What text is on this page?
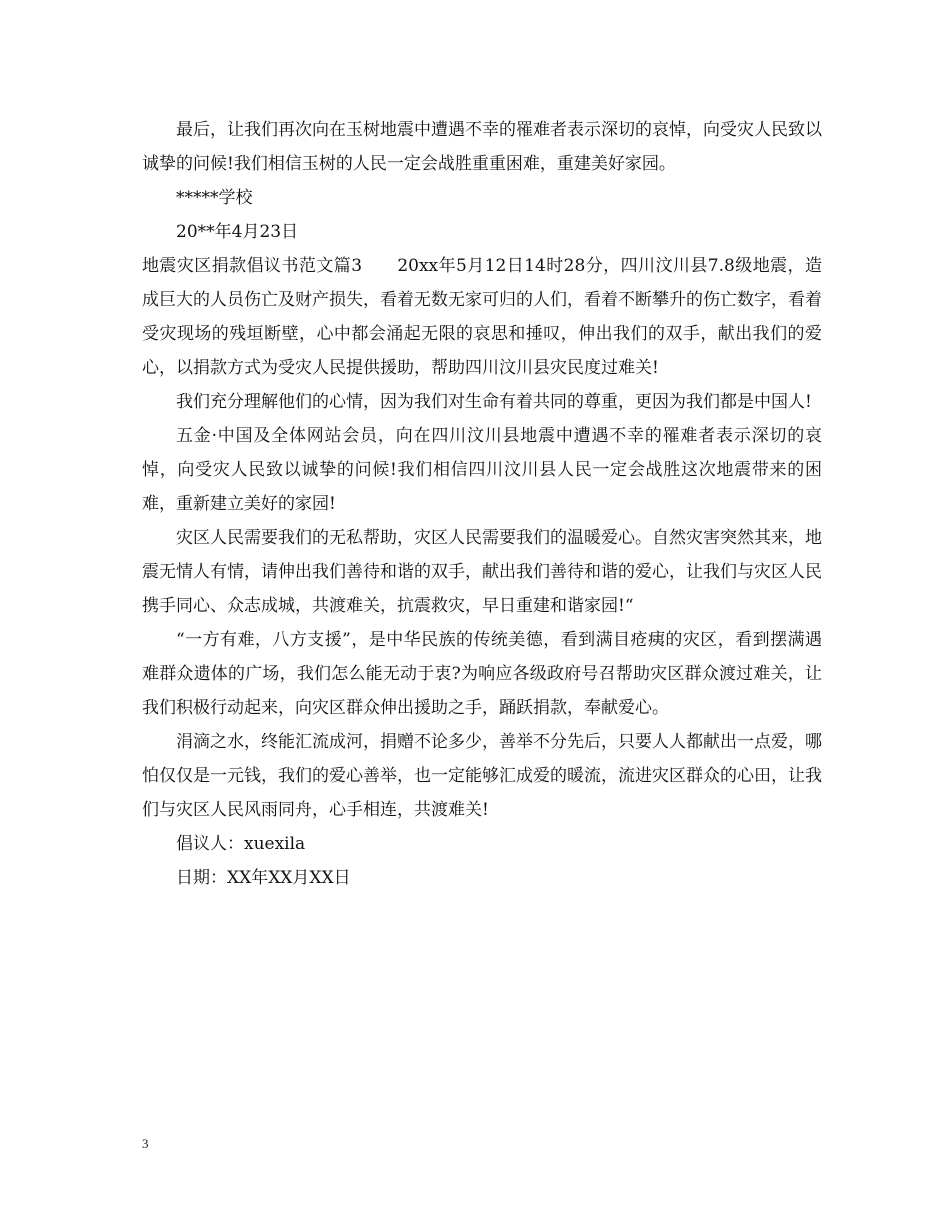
最后，让我们再次向在玉树地震中遭遇不幸的罹难者表示深切的哀悼，向受灾人民致以诚挚的问候!我们相信玉树的人民一定会战胜重重困难，重建美好家园。

*****学校

20**年4月23日

地震灾区捐款倡议书范文篇3　　20xx年5月12日14时28分，四川汶川县7.8级地震，造成巨大的人员伤亡及财产损失，看着无数无家可归的人们，看着不断攀升的伤亡数字，看着受灾现场的残垣断壁，心中都会涌起无限的哀思和捶叹，伸出我们的双手，献出我们的爱心，以捐款方式为受灾人民提供援助，帮助四川汶川县灾民度过难关!

我们充分理解他们的心情，因为我们对生命有着共同的尊重，更因为我们都是中国人!

五金·中国及全体网站会员，向在四川汶川县地震中遭遇不幸的罹难者表示深切的哀悼，向受灾人民致以诚挚的问候!我们相信四川汶川县人民一定会战胜这次地震带来的困难，重新建立美好的家园!

灾区人民需要我们的无私帮助，灾区人民需要我们的温暖爱心。自然灾害突然其来，地震无情人有情，请伸出我们善待和谐的双手，献出我们善待和谐的爱心，让我们与灾区人民携手同心、众志成城，共渡难关，抗震救灾，早日重建和谐家园!“

“一方有难，八方支援”，是中华民族的传统美德，看到满目疮痍的灾区，看到摆满遇难群众遗体的广场，我们怎么能无动于衷?为响应各级政府号召帮助灾区群众渡过难关，让我们积极行动起来，向灾区群众伸出援助之手，踊跃捐款，奉献爱心。

涓滴之水，终能汇流成河，捐赠不论多少，善举不分先后，只要人人都献出一点爱，哪怕仅仅是一元钱，我们的爱心善举，也一定能够汇成爱的暖流，流进灾区群众的心田，让我们与灾区人民风雨同舟，心手相连，共渡难关!

倡议人：xuexila

日期：XX年XX月XX日

3
